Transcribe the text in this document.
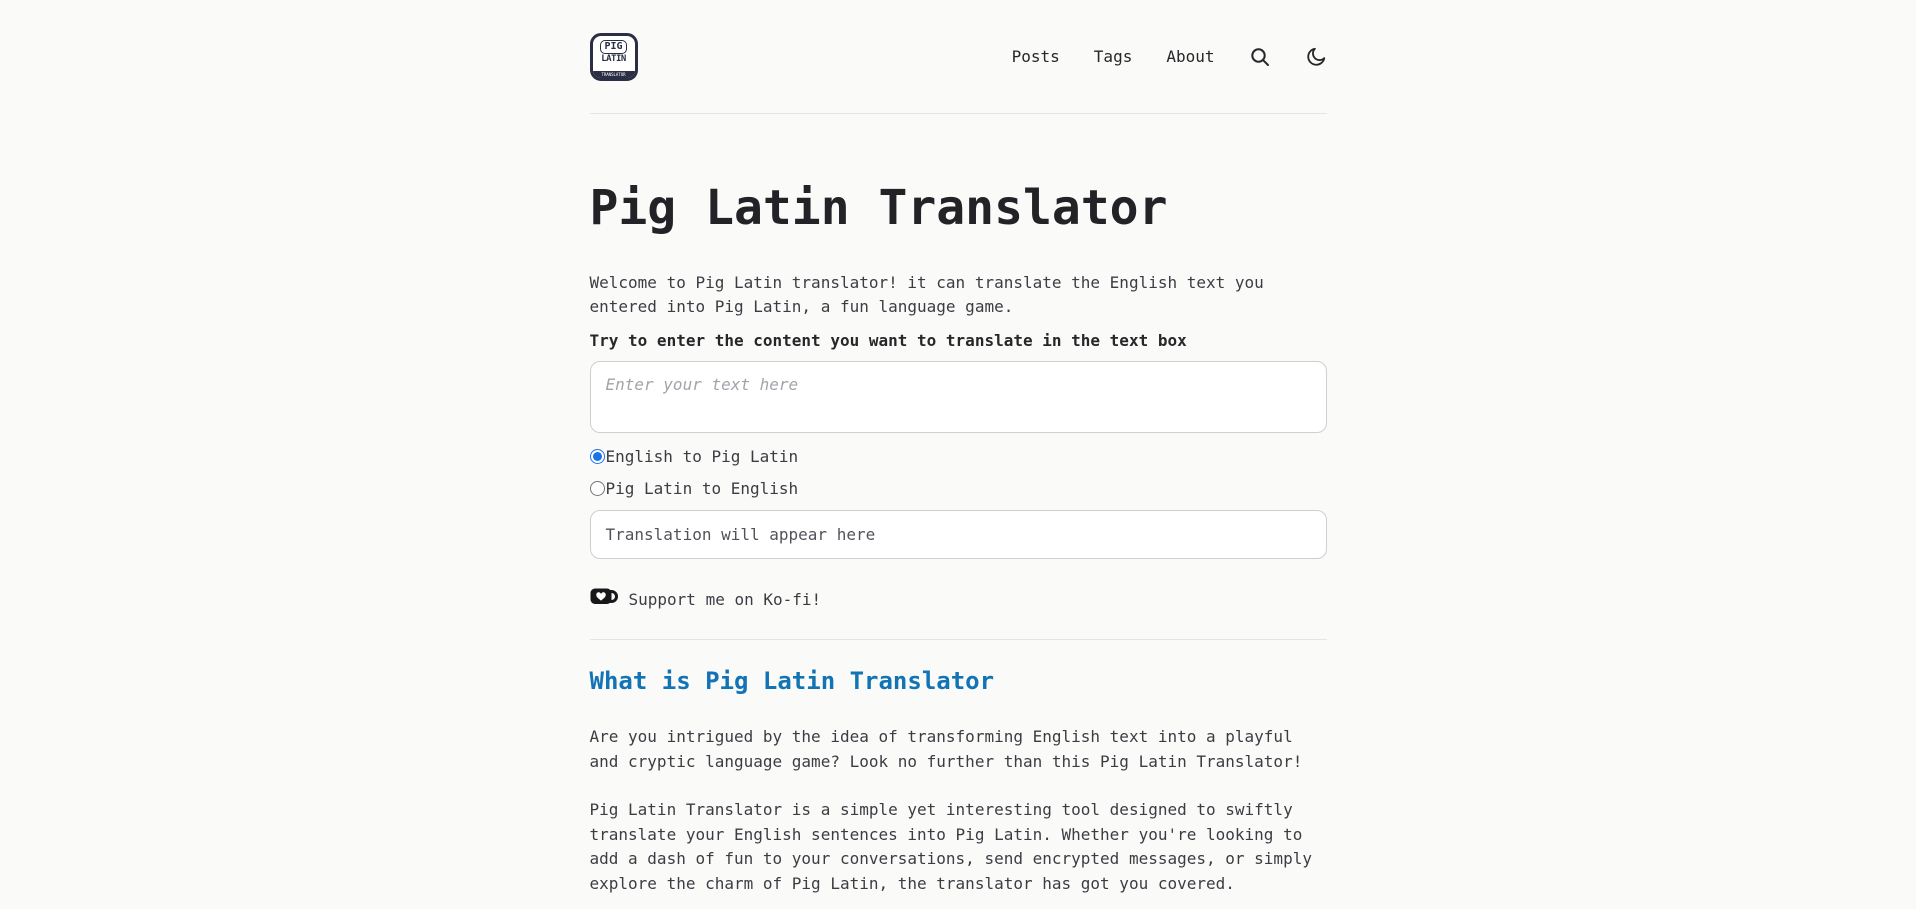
PIG
LATIN
TRANSLATOR
Posts Tags About
Pig Latin Translator

Welcome to Pig Latin translator! it can translate the English text you entered into Pig Latin, a fun language game.

Try to enter the content you want to translate in the text box

Enter your text here
English to Pig Latin
Pig Latin to English
Translation will appear here
Support me on Ko-fi!
What is Pig Latin Translator

Are you intrigued by the idea of transforming English text into a playful and cryptic language game? Look no further than this Pig Latin Translator!

Pig Latin Translator is a simple yet interesting tool designed to swiftly translate your English sentences into Pig Latin. Whether you're looking to add a dash of fun to your conversations, send encrypted messages, or simply explore the charm of Pig Latin, the translator has got you covered.
